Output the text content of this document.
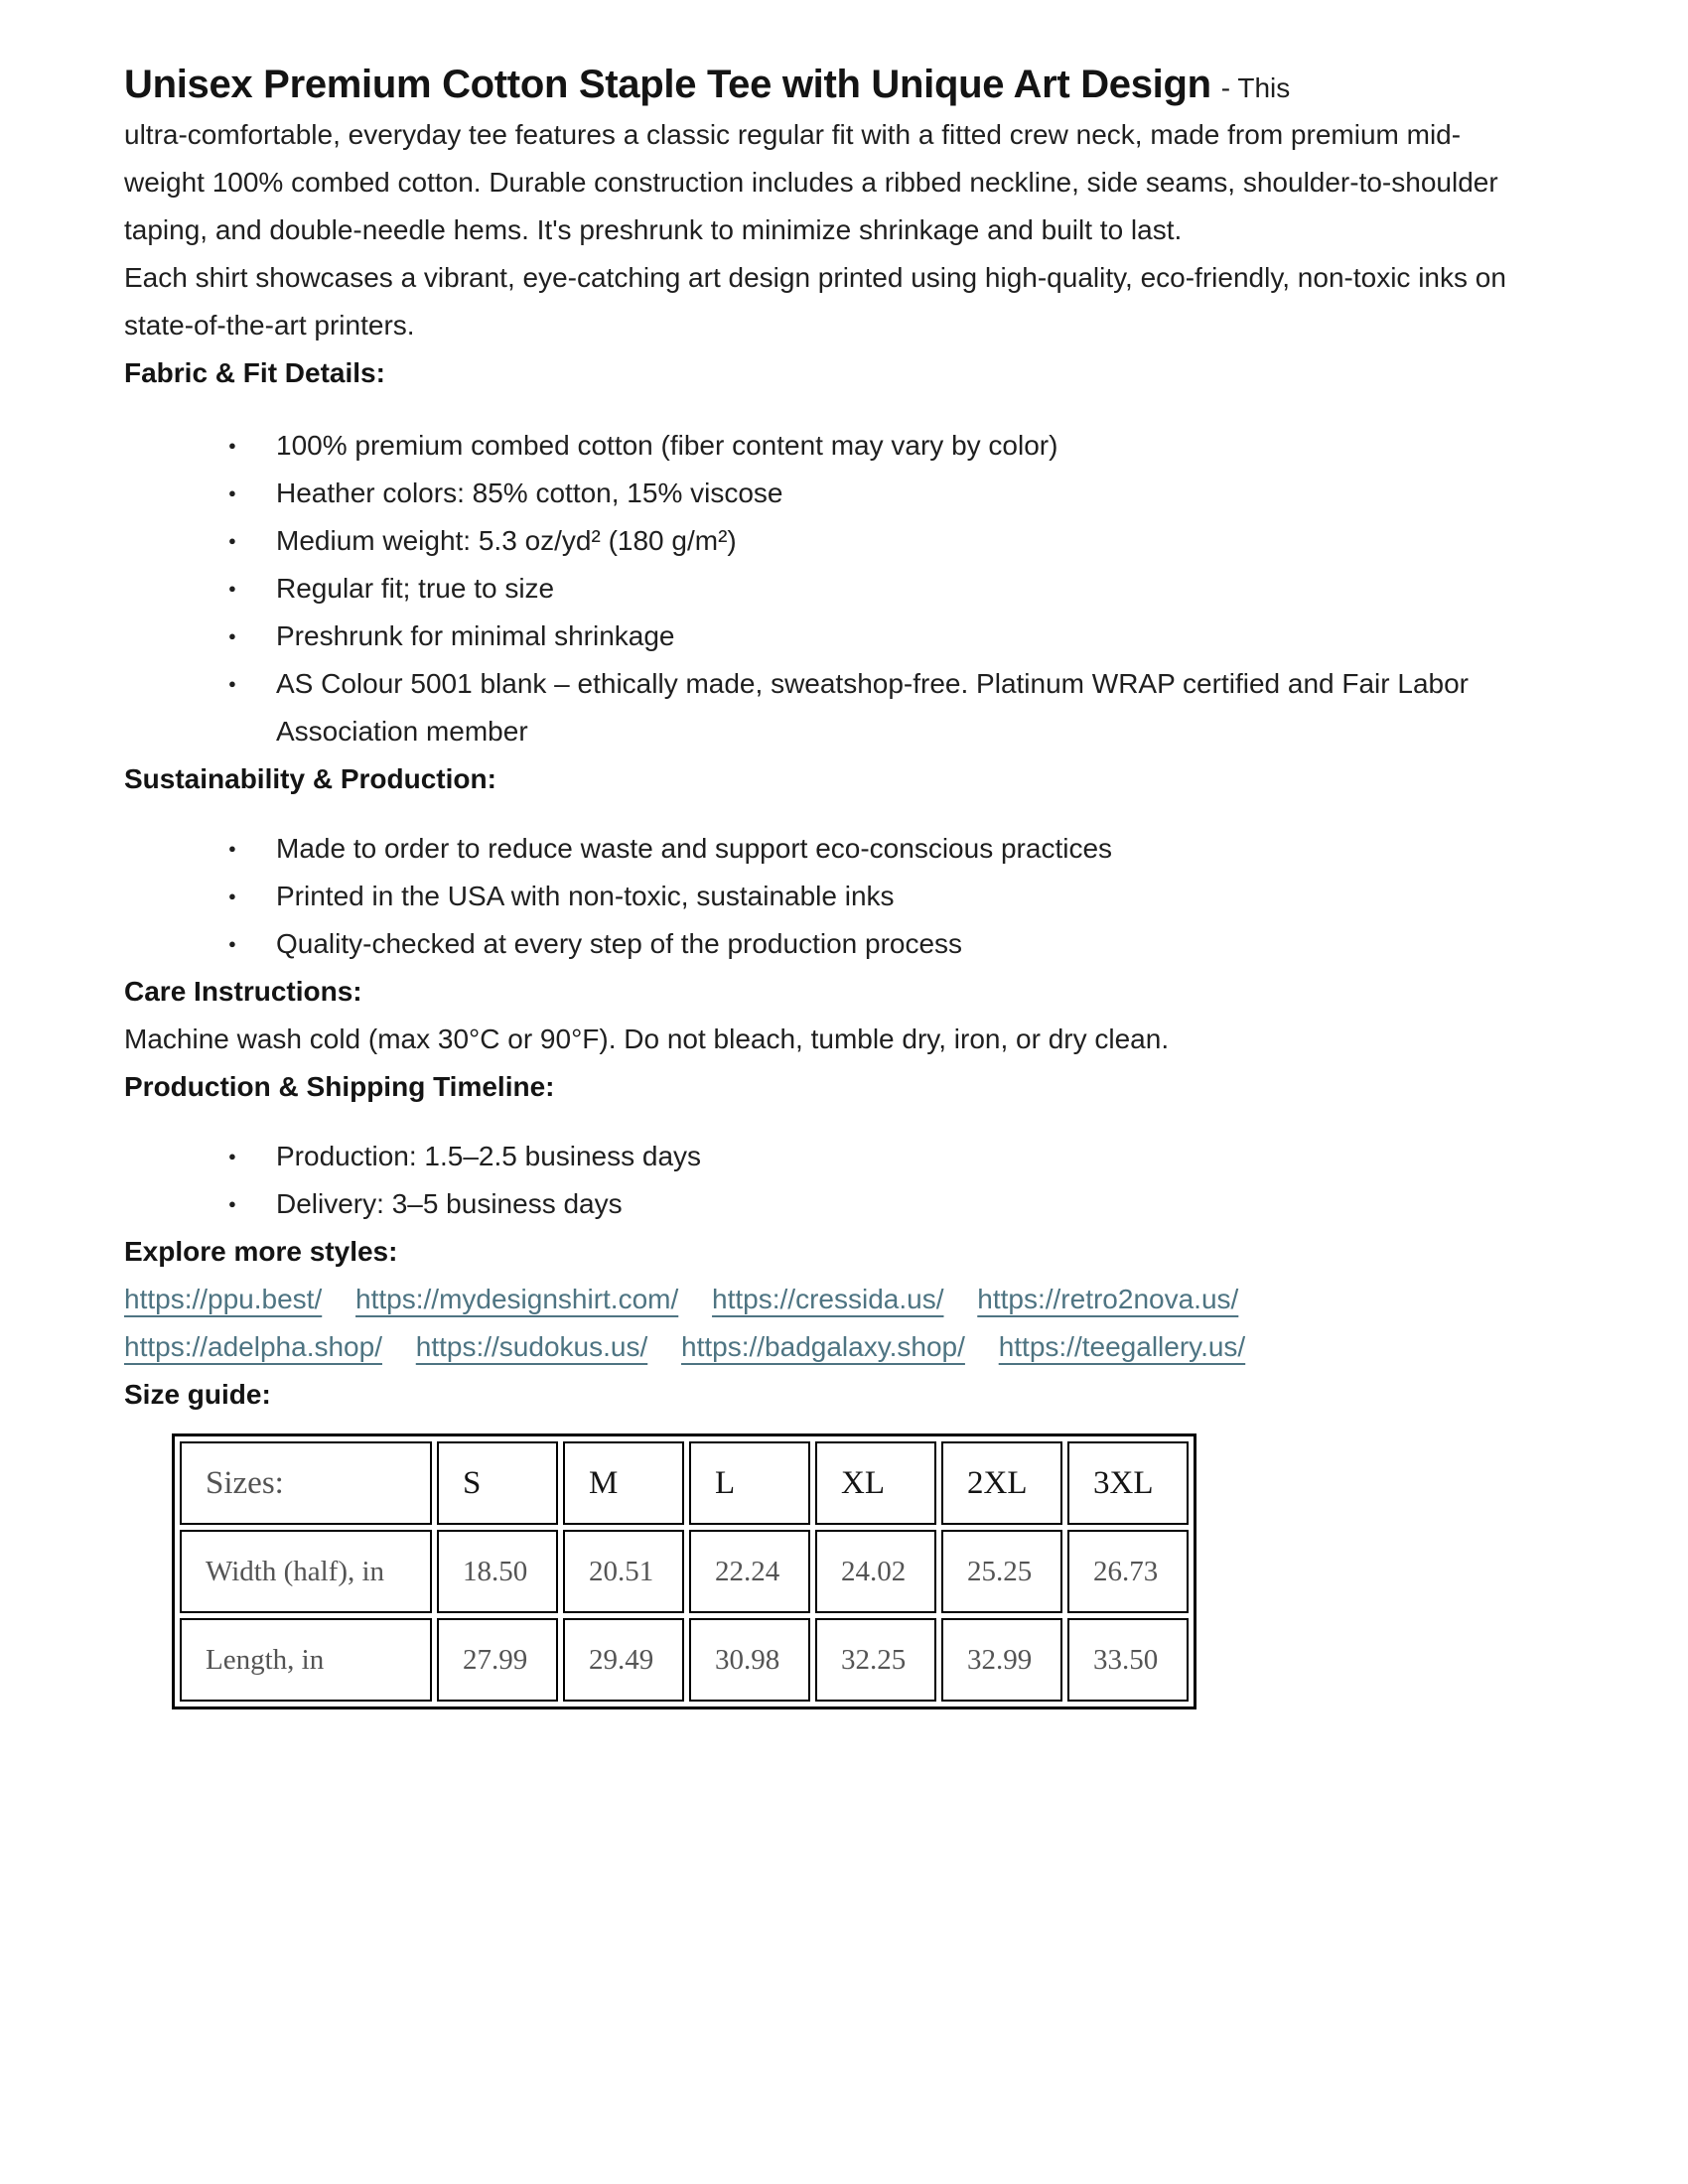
Unisex Premium Cotton Staple Tee with Unique Art Design - This

ultra-comfortable, everyday tee features a classic regular fit with a fitted crew neck, made from premium mid-weight 100% combed cotton. Durable construction includes a ribbed neckline, side seams, shoulder-to-shoulder taping, and double-needle hems. It's preshrunk to minimize shrinkage and built to last.

Each shirt showcases a vibrant, eye-catching art design printed using high-quality, eco-friendly, non-toxic inks on state-of-the-art printers.

Fabric & Fit Details:
● 100% premium combed cotton (fiber content may vary by color)
● Heather colors: 85% cotton, 15% viscose
● Medium weight: 5.3 oz/yd² (180 g/m²)
● Regular fit; true to size
● Preshrunk for minimal shrinkage
● AS Colour 5001 blank – ethically made, sweatshop-free. Platinum WRAP certified and Fair Labor Association member
Sustainability & Production:
● Made to order to reduce waste and support eco-conscious practices
● Printed in the USA with non-toxic, sustainable inks
● Quality-checked at every step of the production process
Care Instructions:

Machine wash cold (max 30°C or 90°F). Do not bleach, tumble dry, iron, or dry clean.

Production & Shipping Timeline:
● Production: 1.5–2.5 business days
● Delivery: 3–5 business days
Explore more styles:

https://ppu.best/ https://mydesignshirt.com/ https://cressida.us/ https://retro2nova.us/

https://adelpha.shop/ https://sudokus.us/ https://badgalaxy.shop/ https://teegallery.us/

Size guide:
Sizes:	S	M	L	XL	2XL	3XL
Width (half), in	18.50	20.51	22.24	24.02	25.25	26.73
Length, in	27.99	29.49	30.98	32.25	32.99	33.50
